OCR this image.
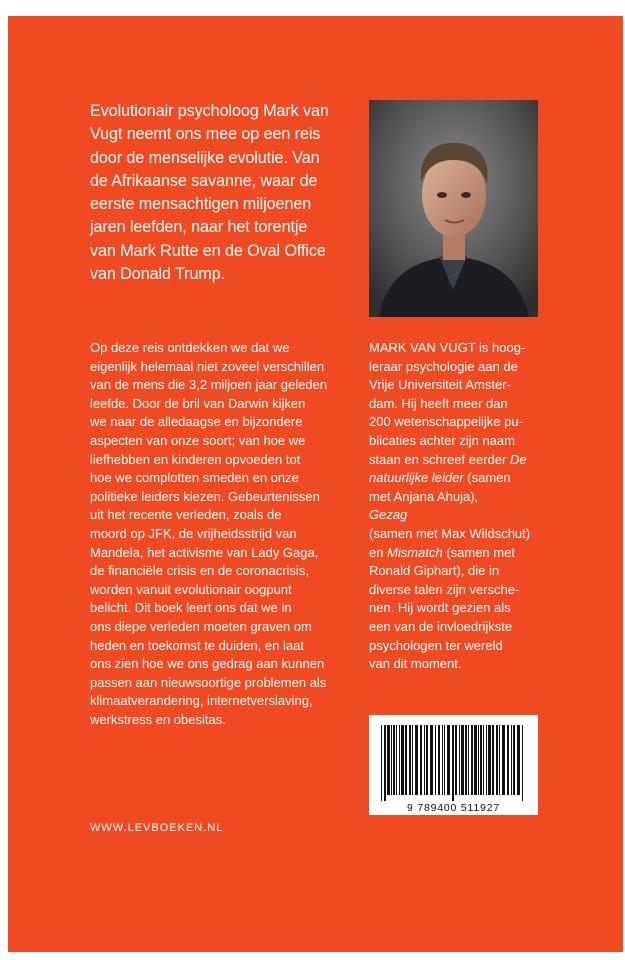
Evolutionair psycholoog Mark van
Vugt neemt ons mee op een reis
door de menselijke evolutie. Van
de Afrikaanse savanne, waar de
eerste mensachtigen miljoenen
jaren leefden, naar het torentje
van Mark Rutte en de Oval Office
van Donald Trump.
Op deze reis ontdekken we dat we
eigenlijk helemaal niet zoveel verschillen
van de mens die 3,2 miljoen jaar geleden
leefde. Door de bril van Darwin kijken
we naar de alledaagse en bijzondere
aspecten van onze soort; van hoe we
liefhebben en kinderen opvoeden tot
hoe we complotten smeden en onze
politieke leiders kiezen. Gebeurtenissen
uit het recente verleden, zoals de
moord op JFK, de vrijheidsstrijd van
Mandela, het activisme van Lady Gaga,
de financiële crisis en de coronacrisis,
worden vanuit evolutionair oogpunt
belicht. Dit boek leert ons dat we in
ons diepe verleden moeten graven om
heden en toekomst te duiden, en laat
ons zien hoe we ons gedrag aan kunnen
passen aan nieuwsoortige problemen als
klimaatverandering, internetverslaving,
werkstress en obesitas.
MARK VAN VUGT is hoog-
leraar psychologie aan de
Vrije Universiteit Amster-
dam. Hij heeft meer dan
200 wetenschappelijke pu-
blicaties achter zijn naam
staan en schreef eerder De
natuurlijke leider (samen
met Anjana Ahuja),
Gezag
(samen met Max Wildschut)
en Mismatch (samen met
Ronald Giphart), die in
diverse talen zijn versche-
nen. Hij wordt gezien als
een van de invloedrijkste
psychologen ter wereld
van dit moment.
9 789400 511927
WWW.LEVBOEKEN.NL
